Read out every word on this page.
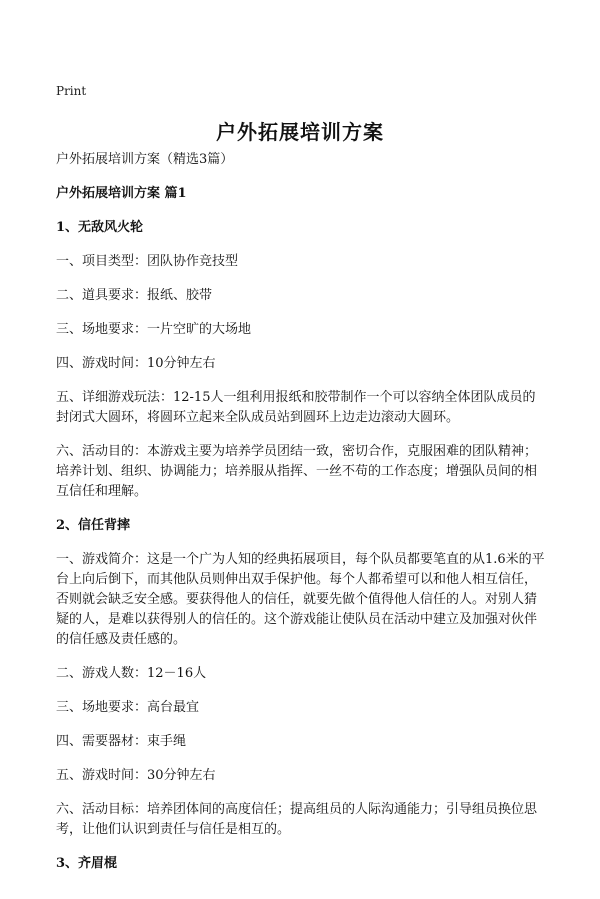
Print
户外拓展培训方案

户外拓展培训方案（精选3篇）

户外拓展培训方案 篇1

1、无敌风火轮

一、项目类型：团队协作竞技型

二、道具要求：报纸、胶带

三、场地要求：一片空旷的大场地

四、游戏时间：10分钟左右

五、详细游戏玩法：12-15人一组利用报纸和胶带制作一个可以容纳全体团队成员的封闭式大圆环，将圆环立起来全队成员站到圆环上边走边滚动大圆环。

六、活动目的：本游戏主要为培养学员团结一致，密切合作，克服困难的团队精神；培养计划、组织、协调能力；培养服从指挥、一丝不苟的工作态度；增强队员间的相互信任和理解。

2、信任背摔

一、游戏简介：这是一个广为人知的经典拓展项目，每个队员都要笔直的从1.6米的平台上向后倒下，而其他队员则伸出双手保护他。每个人都希望可以和他人相互信任，否则就会缺乏安全感。要获得他人的信任，就要先做个值得他人信任的人。对别人猜疑的人，是难以获得别人的信任的。这个游戏能让使队员在活动中建立及加强对伙伴的信任感及责任感的。

二、游戏人数：12－16人

三、场地要求：高台最宜

四、需要器材：束手绳

五、游戏时间：30分钟左右

六、活动目标：培养团体间的高度信任；提高组员的人际沟通能力；引导组员换位思考，让他们认识到责任与信任是相互的。

3、齐眉棍
